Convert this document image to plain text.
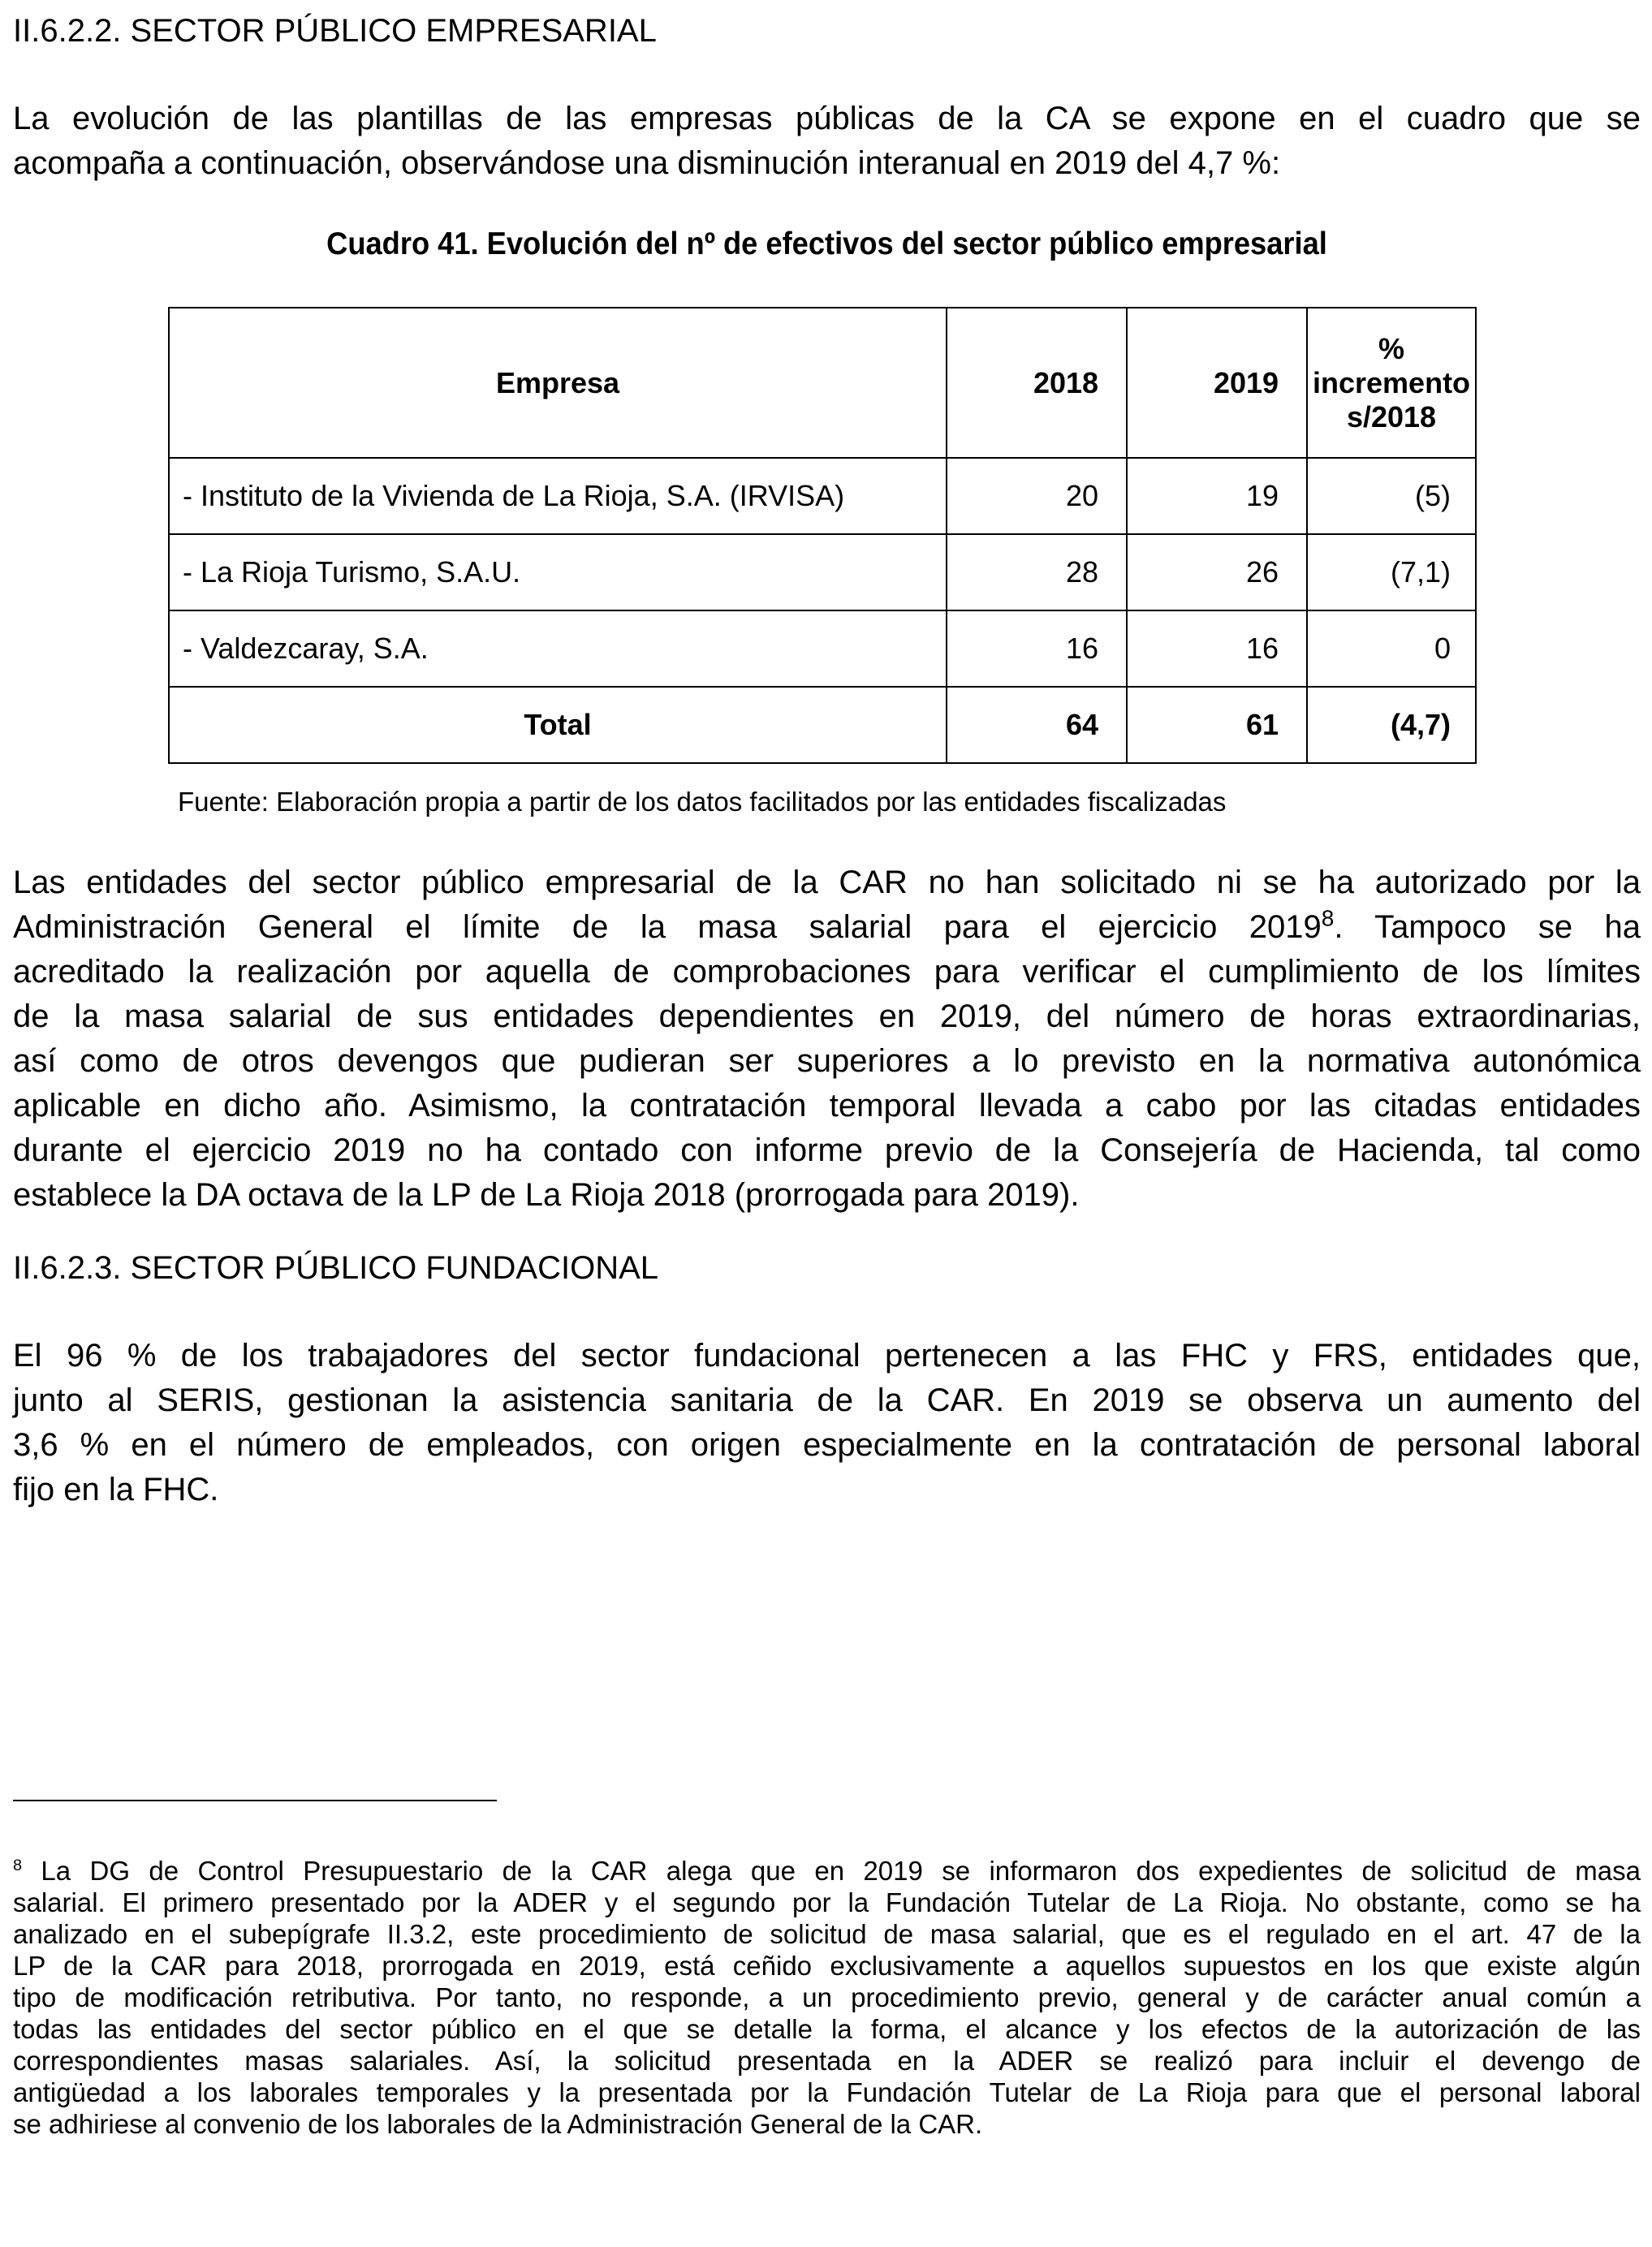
II.6.2.2. SECTOR PÚBLICO EMPRESARIAL
La evolución de las plantillas de las empresas públicas de la CA se expone en el cuadro que se
acompaña a continuación, observándose una disminución interanual en 2019 del 4,7 %:
Cuadro 41. Evolución del nº de efectivos del sector público empresarial
Empresa	2018	2019	%
incremento
s/2018
- Instituto de la Vivienda de La Rioja, S.A. (IRVISA)	20	19	(5)
- La Rioja Turismo, S.A.U.	28	26	(7,1)
- Valdezcaray, S.A.	16	16	0
Total	64	61	(4,7)
Fuente: Elaboración propia a partir de los datos facilitados por las entidades fiscalizadas
Las entidades del sector público empresarial de la CAR no han solicitado ni se ha autorizado por la
Administración General el límite de la masa salarial para el ejercicio 2019$^8$. Tampoco se ha
acreditado la realización por aquella de comprobaciones para verificar el cumplimiento de los límites
de la masa salarial de sus entidades dependientes en 2019, del número de horas extraordinarias,
así como de otros devengos que pudieran ser superiores a lo previsto en la normativa autonómica
aplicable en dicho año. Asimismo, la contratación temporal llevada a cabo por las citadas entidades
durante el ejercicio 2019 no ha contado con informe previo de la Consejería de Hacienda, tal como
establece la DA octava de la LP de La Rioja 2018 (prorrogada para 2019).
II.6.2.3. SECTOR PÚBLICO FUNDACIONAL
El 96 % de los trabajadores del sector fundacional pertenecen a las FHC y FRS, entidades que,
junto al SERIS, gestionan la asistencia sanitaria de la CAR. En 2019 se observa un aumento del
3,6 % en el número de empleados, con origen especialmente en la contratación de personal laboral
fijo en la FHC.
$^8$ La DG de Control Presupuestario de la CAR alega que en 2019 se informaron dos expedientes de solicitud de masa
salarial. El primero presentado por la ADER y el segundo por la Fundación Tutelar de La Rioja. No obstante, como se ha
analizado en el subepígrafe II.3.2, este procedimiento de solicitud de masa salarial, que es el regulado en el art. 47 de la
LP de la CAR para 2018, prorrogada en 2019, está ceñido exclusivamente a aquellos supuestos en los que existe algún
tipo de modificación retributiva. Por tanto, no responde, a un procedimiento previo, general y de carácter anual común a
todas las entidades del sector público en el que se detalle la forma, el alcance y los efectos de la autorización de las
correspondientes masas salariales. Así, la solicitud presentada en la ADER se realizó para incluir el devengo de
antigüedad a los laborales temporales y la presentada por la Fundación Tutelar de La Rioja para que el personal laboral
se adhiriese al convenio de los laborales de la Administración General de la CAR.
